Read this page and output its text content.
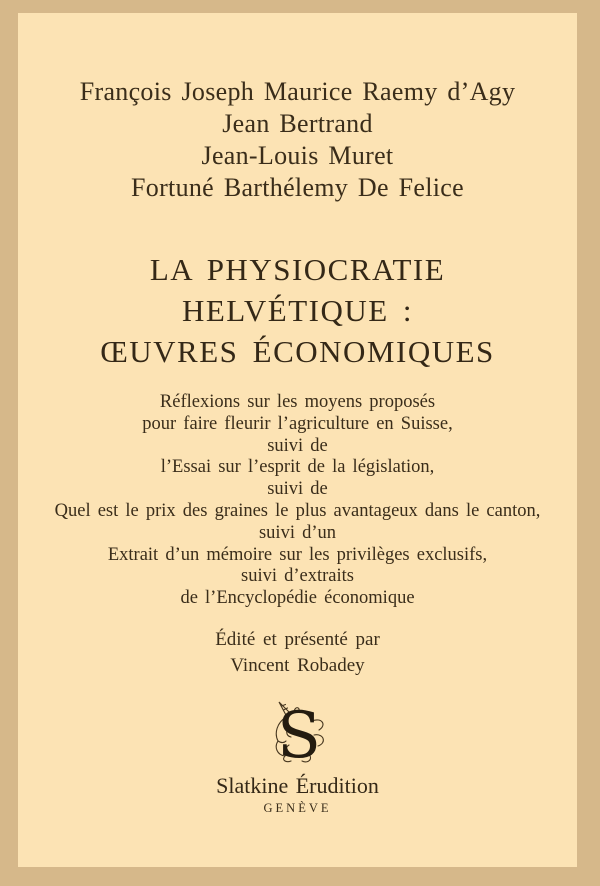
François Joseph Maurice Raemy d’Agy
Jean Bertrand
Jean-Louis Muret
Fortuné Barthélemy De Felice
LA PHYSIOCRATIE
HELVÉTIQUE :
ŒUVRES ÉCONOMIQUES
Réflexions sur les moyens proposés
pour faire fleurir l’agriculture en Suisse,
suivi de
l’Essai sur l’esprit de la législation,
suivi de
Quel est le prix des graines le plus avantageux dans le canton,
suivi d’un
Extrait d’un mémoire sur les privilèges exclusifs,
suivi d’extraits
de l’Encyclopédie économique
Édité et présenté par
Vincent Robadey
S
Slatkine Érudition
GENÈVE
